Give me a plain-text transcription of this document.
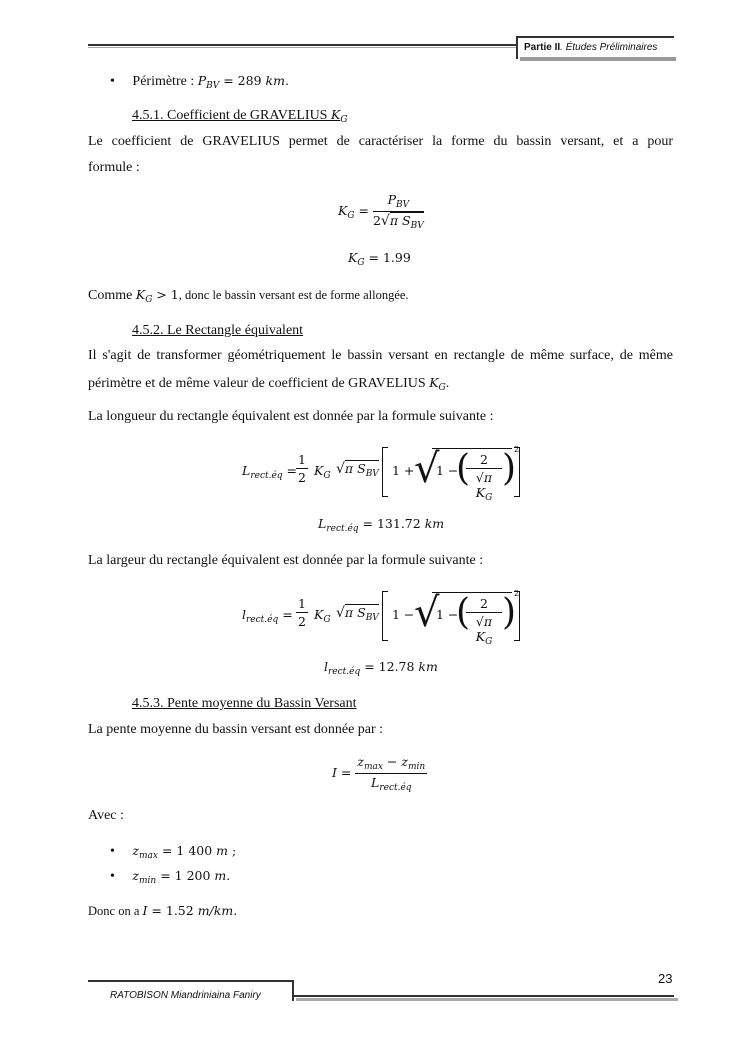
Partie II. Études Préliminaires
• Périmètre : $P_{BV} = 289$ km.
4.5.1. Coefficient de GRAVELIUS $K_G$
Le coefficient de GRAVELIUS permet de caractériser la forme du bassin versant, et a pour
formule :
$K_G = \frac{P_{BV}}{2√\pi S_{BV}}$
$K_G = 1.99$
Comme $K_G > 1$, donc le bassin versant est de forme allongée.
4.5.2. Le Rectangle équivalent
Il s'agit de transformer géométriquement le bassin versant en rectangle de même surface, de même
périmètre et de même valeur de coefficient de GRAVELIUS $K_G$.
La longueur du rectangle équivalent est donnée par la formule suivante :
$L_{rect.éq} = \frac{1}{2} K_G$ √π $S_{BV}$ 1 + √
1 −
(
$\frac{2}{√\pi K_G}$ )
2
$L_{rect.éq} = 131.72$ km
La largeur du rectangle équivalent est donnée par la formule suivante :
$l_{rect.éq} = \frac{1}{2} K_G$ √π $S_{BV}$ 1 − √
1 −
(
$\frac{2}{√\pi K_G}$ )
2
$l_{rect.éq} = 12.78$ km
4.5.3. Pente moyenne du Bassin Versant
La pente moyenne du bassin versant est donnée par :
$I = \frac{z_{max} - z_{min}}{L_{rect.éq}}$
Avec :
• $z_{max} = 1$ 400 m ;
• $z_{min} = 1$ 200 m.
Donc on a I = 1.52 m/km.
23
RATOBISON Miandriniaina Faniry
